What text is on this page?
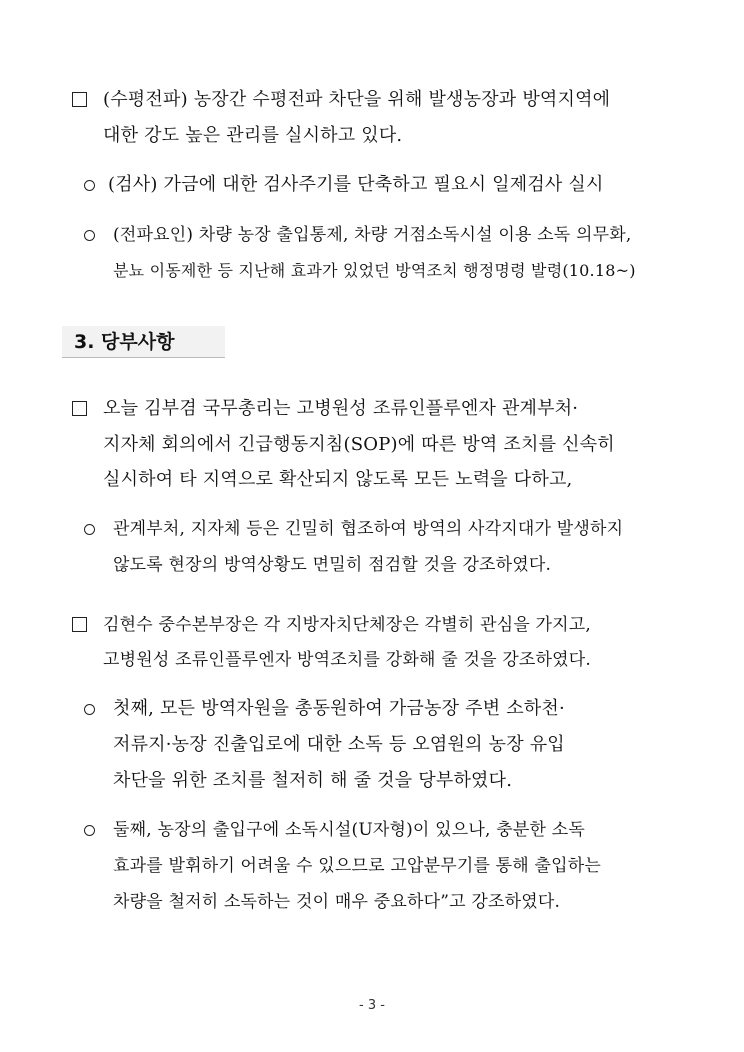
(수평전파) 농장간 수평전파 차단을 위해 발생농장과 방역지역에
대한 강도 높은 관리를 실시하고 있다.
(검사) 가금에 대한 검사주기를 단축하고 필요시 일제검사 실시
(전파요인) 차량 농장 출입통제, 차량 거점소독시설 이용 소독 의무화,
분뇨 이동제한 등 지난해 효과가 있었던 방역조치 행정명령 발령(10.18~)
3. 당부사항
오늘 김부겸 국무총리는 고병원성 조류인플루엔자 관계부처·
지자체 회의에서 긴급행동지침(SOP)에 따른 방역 조치를 신속히
실시하여 타 지역으로 확산되지 않도록 모든 노력을 다하고,
관계부처, 지자체 등은 긴밀히 협조하여 방역의 사각지대가 발생하지
않도록 현장의 방역상황도 면밀히 점검할 것을 강조하였다.
김현수 중수본부장은 각 지방자치단체장은 각별히 관심을 가지고,
고병원성 조류인플루엔자 방역조치를 강화해 줄 것을 강조하였다.
첫째, 모든 방역자원을 총동원하여 가금농장 주변 소하천·
저류지·농장 진출입로에 대한 소독 등 오염원의 농장 유입
차단을 위한 조치를 철저히 해 줄 것을 당부하였다.
둘째, 농장의 출입구에 소독시설(U자형)이 있으나, 충분한 소독
효과를 발휘하기 어려울 수 있으므로 고압분무기를 통해 출입하는
차량을 철저히 소독하는 것이 매우 중요하다”고 강조하였다.
- 3 -
